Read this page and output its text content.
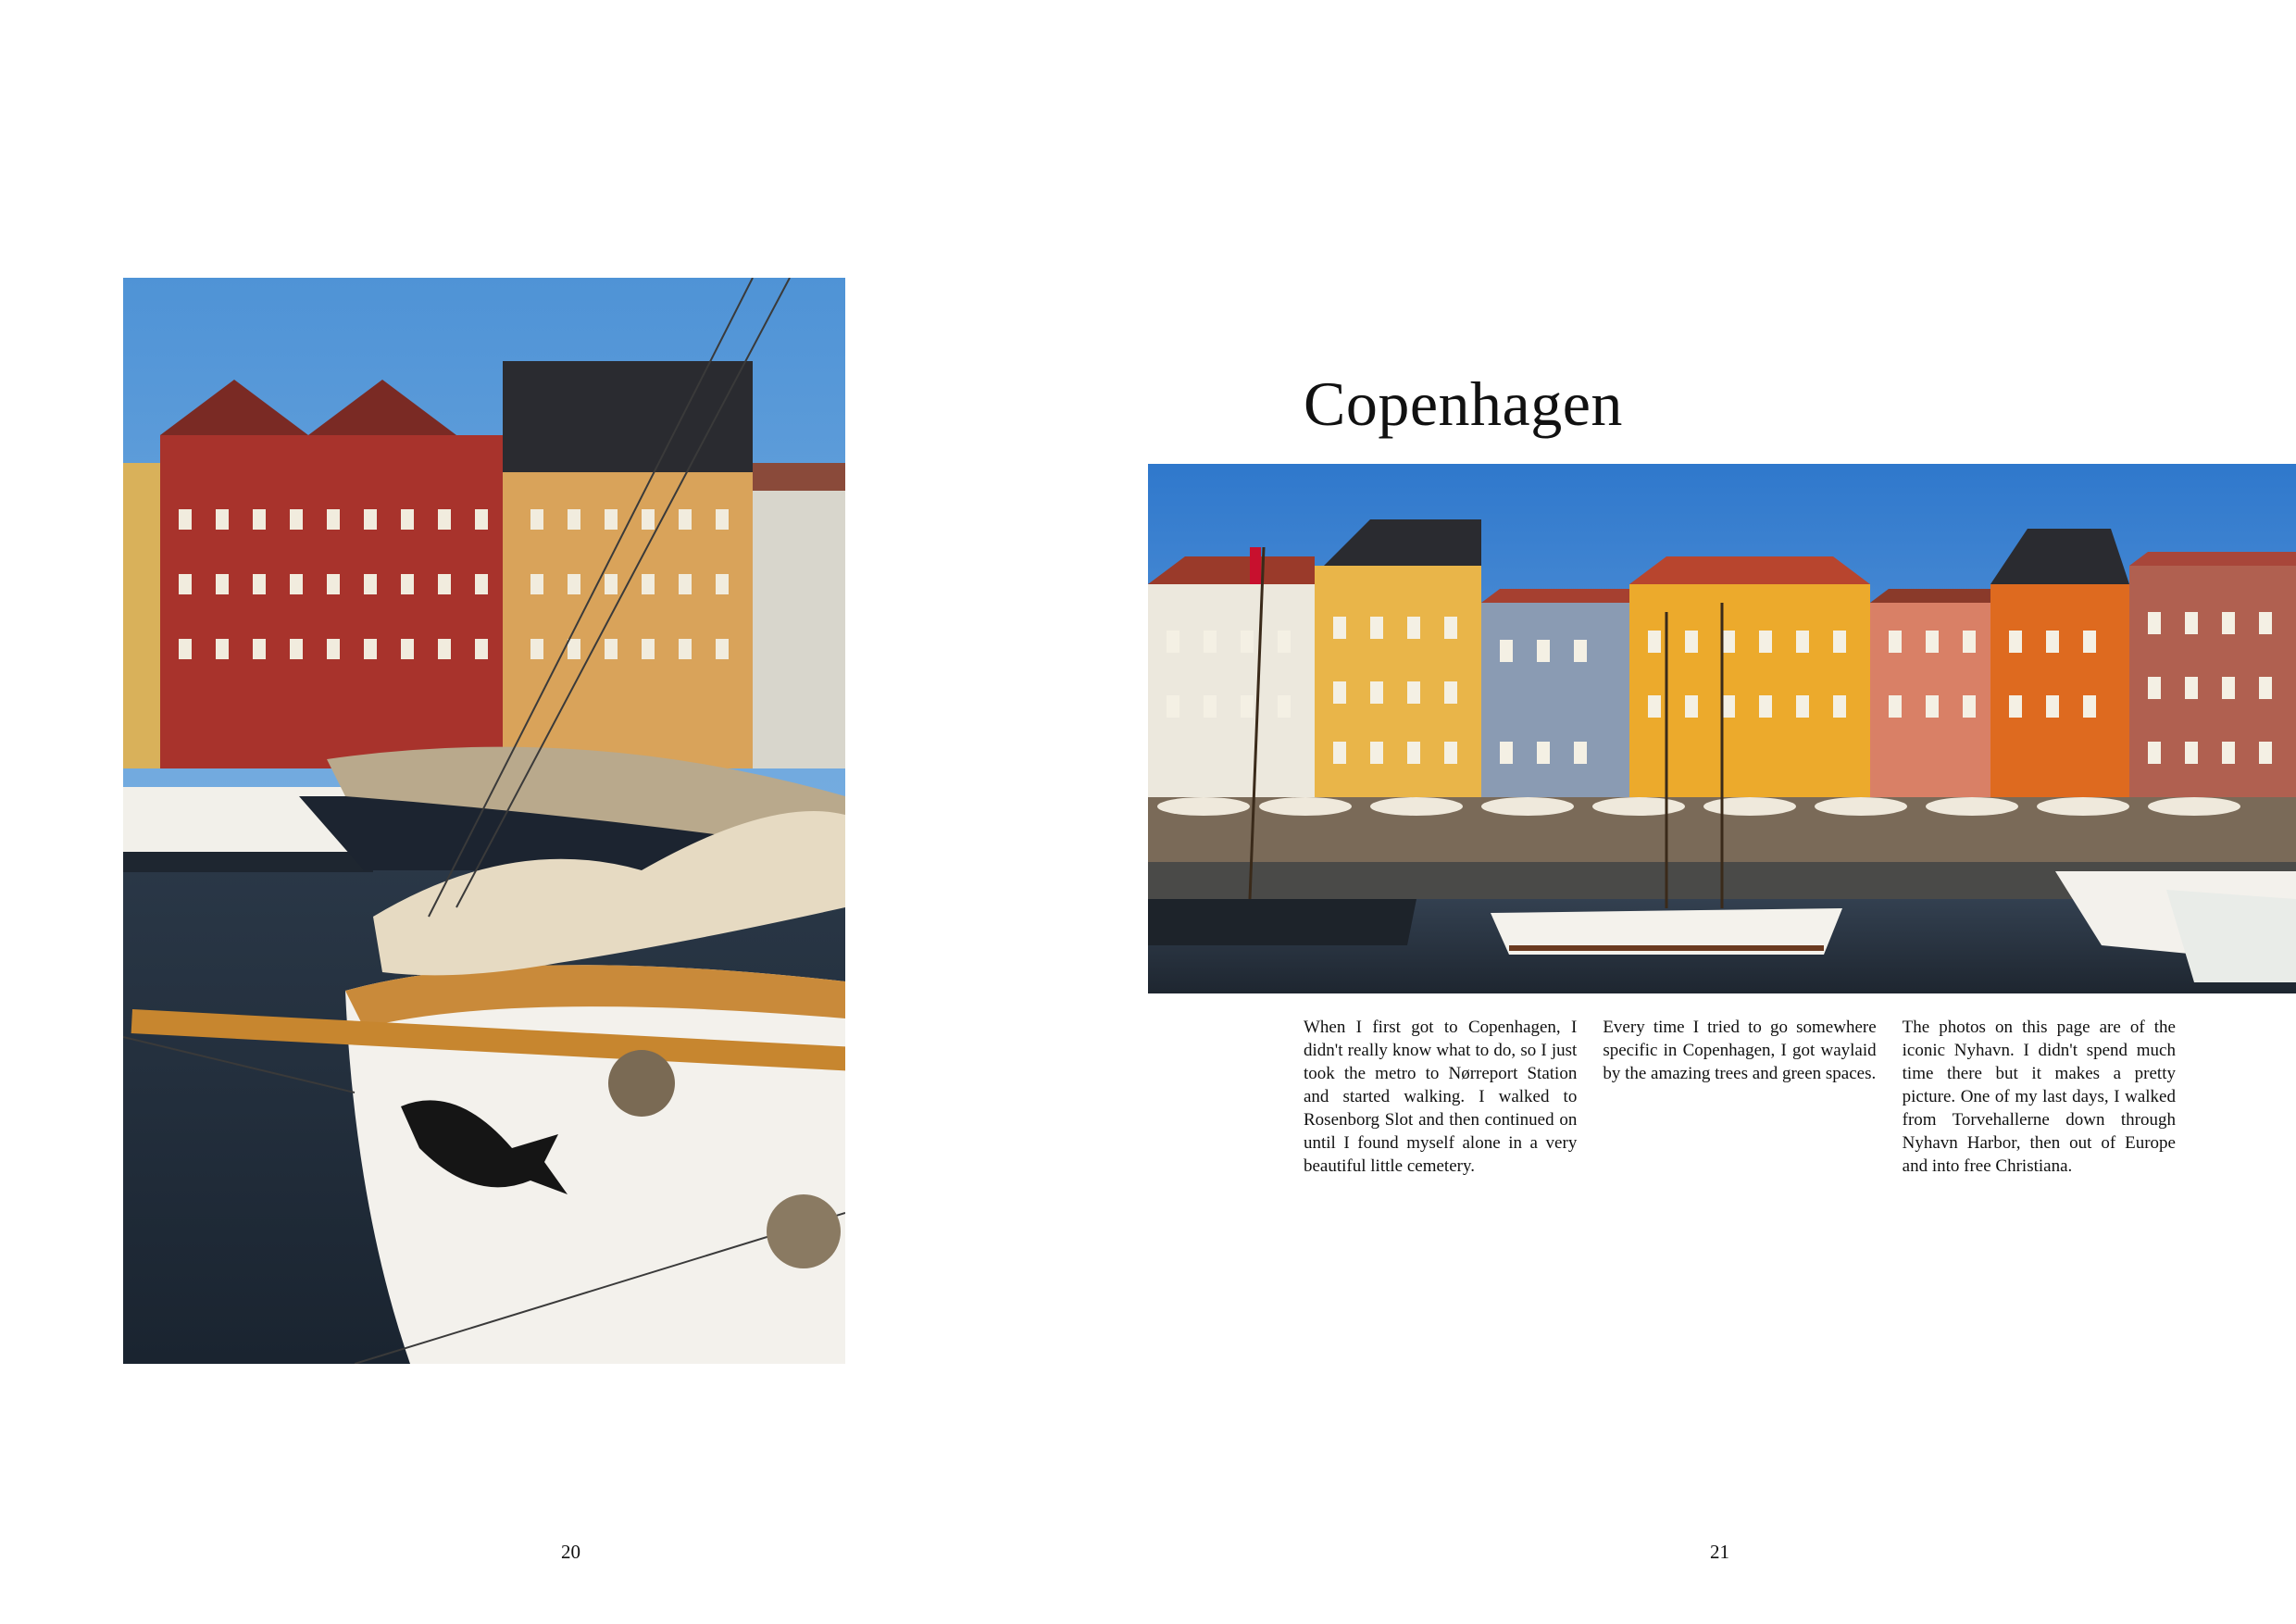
20
Copenhagen
When I first got to Copenhagen, I didn't really know what to do, so I just took the metro to Nørreport Station and started walking. I walked to Rosenborg Slot and then continued on until I found myself alone in a very beautiful little cemetery.
Every time I tried to go somewhere specific in Copenhagen, I got waylaid by the amazing trees and green spaces.
The photos on this page are of the iconic Nyhavn. I didn't spend much time there but it makes a pretty picture. One of my last days, I walked from Torvehallerne down through Nyhavn Harbor, then out of Europe and into free Christiana.
21
